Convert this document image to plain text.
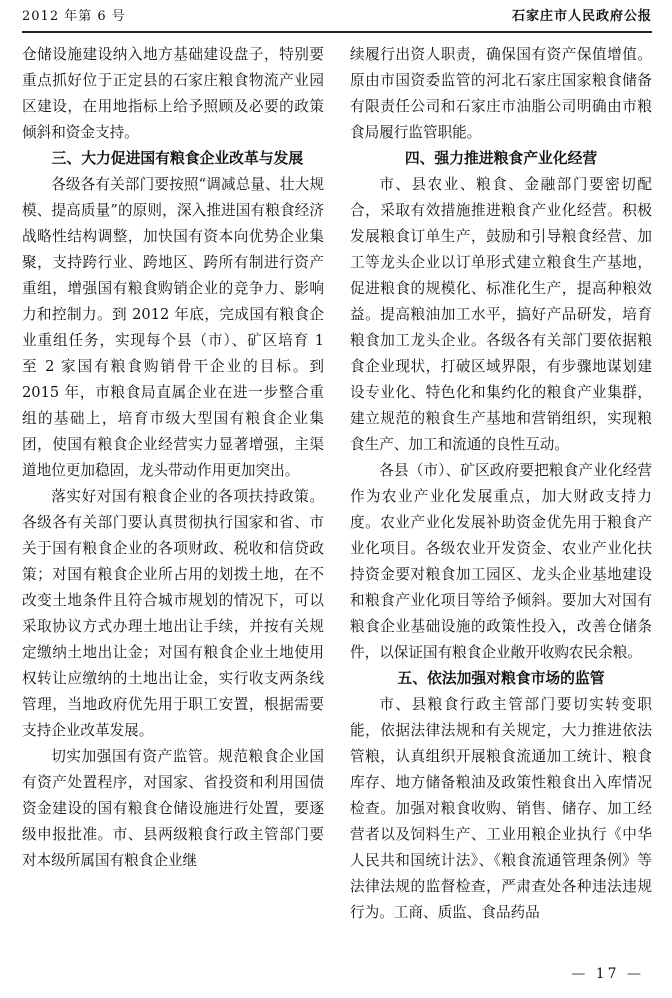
2012 年第 6 号	石家庄市人民政府公报

仓储设施建设纳入地方基础建设盘子，特别要重点抓好位于正定县的石家庄粮食物流产业园区建设，在用地指标上给予照顾及必要的政策倾斜和资金支持。

三、大力促进国有粮食企业改革与发展

各级各有关部门要按照“调减总量、壮大规模、提高质量”的原则，深入推进国有粮食经济战略性结构调整，加快国有资本向优势企业集聚，支持跨行业、跨地区、跨所有制进行资产重组，增强国有粮食购销企业的竞争力、影响力和控制力。到 2012 年底，完成国有粮食企业重组任务，实现每个县（市）、矿区培育 1 至 2 家国有粮食购销骨干企业的目标。到 2015 年，市粮食局直属企业在进一步整合重组的基础上，培育市级大型国有粮食企业集团，使国有粮食企业经营实力显著增强，主渠道地位更加稳固，龙头带动作用更加突出。

落实好对国有粮食企业的各项扶持政策。各级各有关部门要认真贯彻执行国家和省、市关于国有粮食企业的各项财政、税收和信贷政策；对国有粮食企业所占用的划拨土地，在不改变土地条件且符合城市规划的情况下，可以采取协议方式办理土地出让手续，并按有关规定缴纳土地出让金；对国有粮食企业土地使用权转让应缴纳的土地出让金，实行收支两条线管理，当地政府优先用于职工安置，根据需要支持企业改革发展。

切实加强国有资产监管。规范粮食企业国有资产处置程序，对国家、省投资和利用国债资金建设的国有粮食仓储设施进行处置，要逐级申报批准。市、县两级粮食行政主管部门要对本级所属国有粮食企业继

续履行出资人职责，确保国有资产保值增值。原由市国资委监管的河北石家庄国家粮食储备有限责任公司和石家庄市油脂公司明确由市粮食局履行监管职能。

四、强力推进粮食产业化经营

市、县农业、粮食、金融部门要密切配合，采取有效措施推进粮食产业化经营。积极发展粮食订单生产，鼓励和引导粮食经营、加工等龙头企业以订单形式建立粮食生产基地，促进粮食的规模化、标准化生产，提高种粮效益。提高粮油加工水平，搞好产品研发，培育粮食加工龙头企业。各级各有关部门要依据粮食企业现状，打破区域界限，有步骤地谋划建设专业化、特色化和集约化的粮食产业集群，建立规范的粮食生产基地和营销组织，实现粮食生产、加工和流通的良性互动。

各县（市）、矿区政府要把粮食产业化经营作为农业产业化发展重点，加大财政支持力度。农业产业化发展补助资金优先用于粮食产业化项目。各级农业开发资金、农业产业化扶持资金要对粮食加工园区、龙头企业基地建设和粮食产业化项目等给予倾斜。要加大对国有粮食企业基础设施的政策性投入，改善仓储条件，以保证国有粮食企业敞开收购农民余粮。

五、依法加强对粮食市场的监管

市、县粮食行政主管部门要切实转变职能，依据法律法规和有关规定，大力推进依法管粮，认真组织开展粮食流通加工统计、粮食库存、地方储备粮油及政策性粮食出入库情况检查。加强对粮食收购、销售、储存、加工经营者以及饲料生产、工业用粮企业执行《中华人民共和国统计法》、《粮食流通管理条例》等法律法规的监督检查，严肃查处各种违法违规行为。工商、质监、食品药品

— 17 —
